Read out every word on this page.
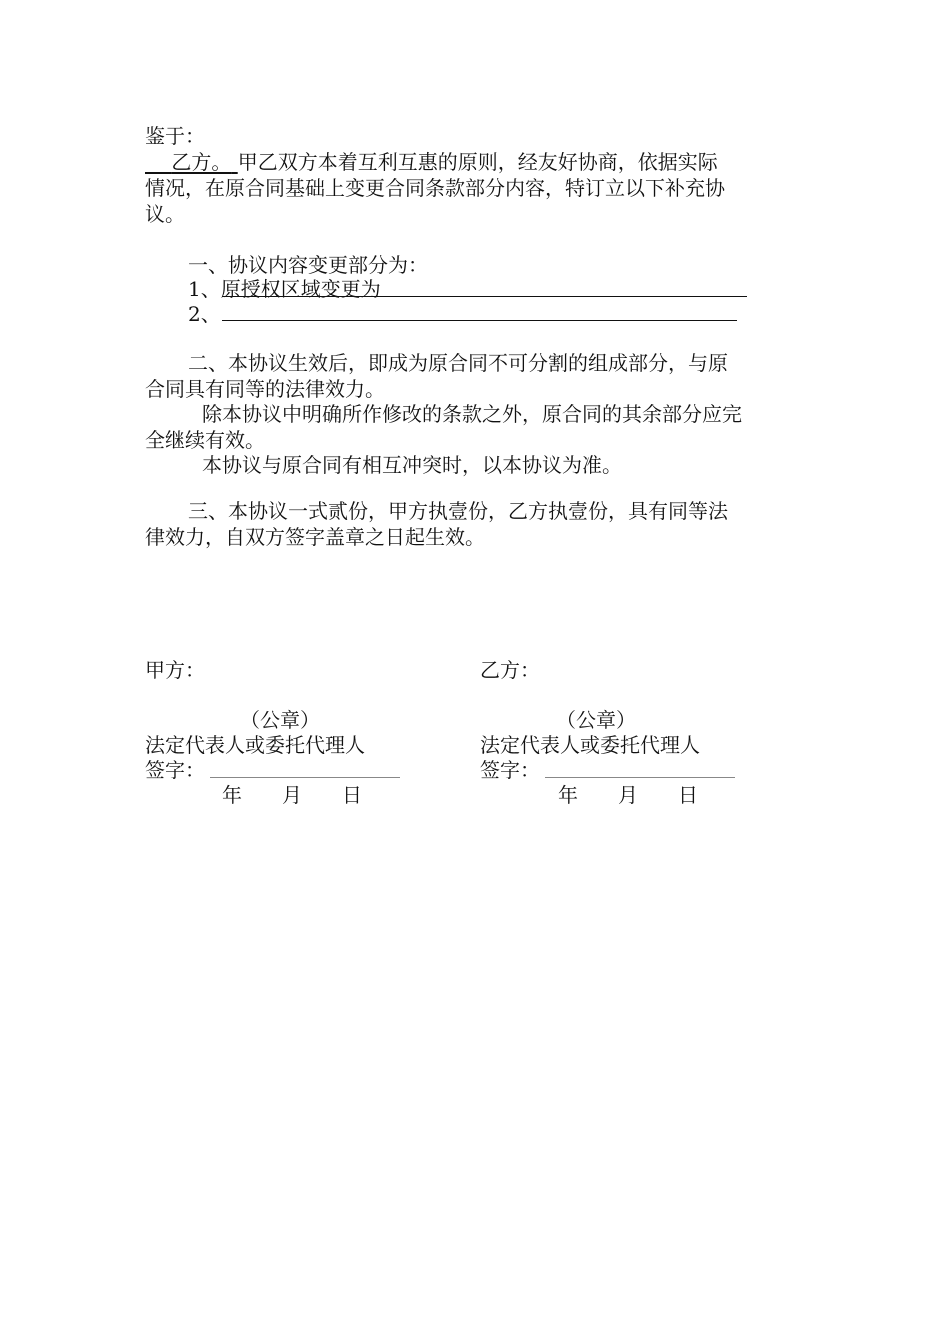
鉴于：
　 乙方。 甲乙双方本着互利互惠的原则，经友好协商，依据实际
情况，在原合同基础上变更合同条款部分内容，特订立以下补充协
议。
一、协议内容变更部分为：
1、原授权区域变更为
2、
二、本协议生效后，即成为原合同不可分割的组成部分，与原
合同具有同等的法律效力。
除本协议中明确所作修改的条款之外，原合同的其余部分应完
全继续有效。
本协议与原合同有相互冲突时，以本协议为准。
三、本协议一式贰份，甲方执壹份，乙方执壹份，具有同等法
律效力，自双方签字盖章之日起生效。
甲方：
（公章）
法定代表人或委托代理人
签字：
年　　月　　日
乙方：
（公章）
法定代表人或委托代理人
签字：
年　　月　　日
